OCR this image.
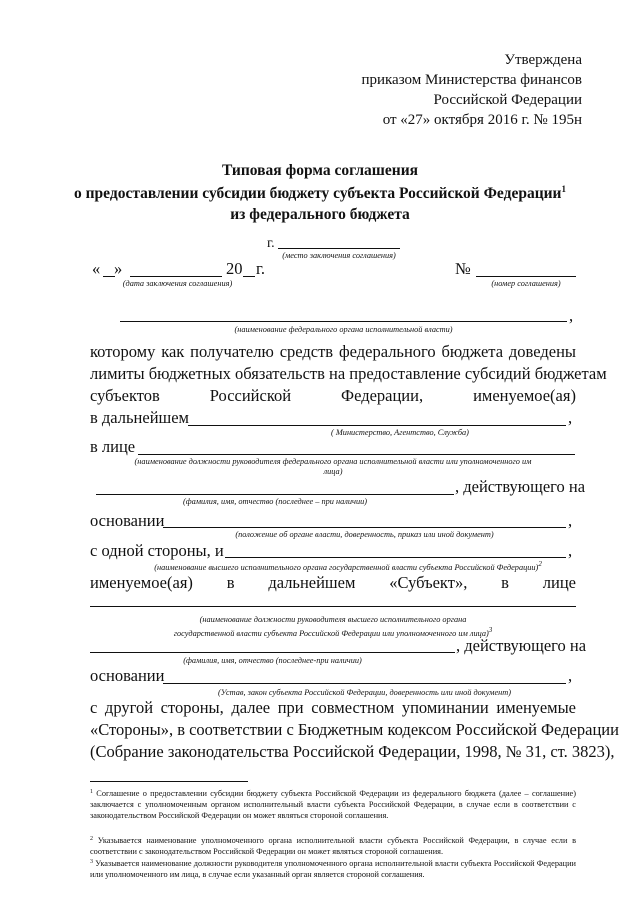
Утверждена
приказом Министерства финансов
Российской Федерации
от «27» октября 2016 г. № 195н
Типовая форма соглашения
о предоставлении субсидии бюджету субъекта Российской Федерации$^1$
из федерального бюджета
г.
(место заключения соглашения)
« »	20 г.
(дата заключения соглашения)
№
(номер соглашения)
,
(наименование федерального органа исполнительной власти)
которому как получателю средств федерального бюджета доведены
лимиты бюджетных обязательств на предоставление субсидий бюджетам
субъектов	Российской	Федерации,	именуемое(ая)
в дальнейшем	,
( Министерство, Агентство, Служба)
в лице
(наименование должности руководителя федерального органа исполнительной власти или уполномоченного им
лица)
, действующего на
(фамилия, имя, отчество (последнее – при наличии)
основании	,
(положение об органе власти, доверенность, приказ или иной документ)
с одной стороны, и	,
(наименование высшего исполнительного органа государственной власти субъекта Российской Федерации)$^2$
именуемое(ая) в дальнейшем «Субъект», в лице
(наименование должности руководителя высшего исполнительного органа
государственной власти субъекта Российской Федерации или уполномоченного им лица)$^3$
, действующего на
(фамилия, имя, отчество (последнее-при наличии)
основании	,
(Устав, закон субъекта Российской Федерации, доверенность или иной документ)
с другой стороны, далее при совместном упоминании именуемые
«Стороны», в соответствии с Бюджетным кодексом Российской Федерации
(Собрание законодательства Российской Федерации, 1998, № 31, ст. 3823),
$^1$ Соглашение о предоставлении субсидии бюджету субъекта Российской Федерации из федерального бюджета (далее – соглашение) заключается с уполномоченным органом исполнительный власти субъекта Российской Федерации, в случае если в соответствии с законодательством Российской Федерации он может являться стороной соглашения.
$^2$ Указывается наименование уполномоченного органа исполнительной власти субъекта Российской Федерации, в случае если в соответствии с законодательством Российской Федерации он может являться стороной соглашения.
$^3$ Указывается наименование должности руководителя уполномоченного органа исполнительной власти субъекта Российской Федерации или уполномоченного им лица, в случае если указанный орган является стороной соглашения.
